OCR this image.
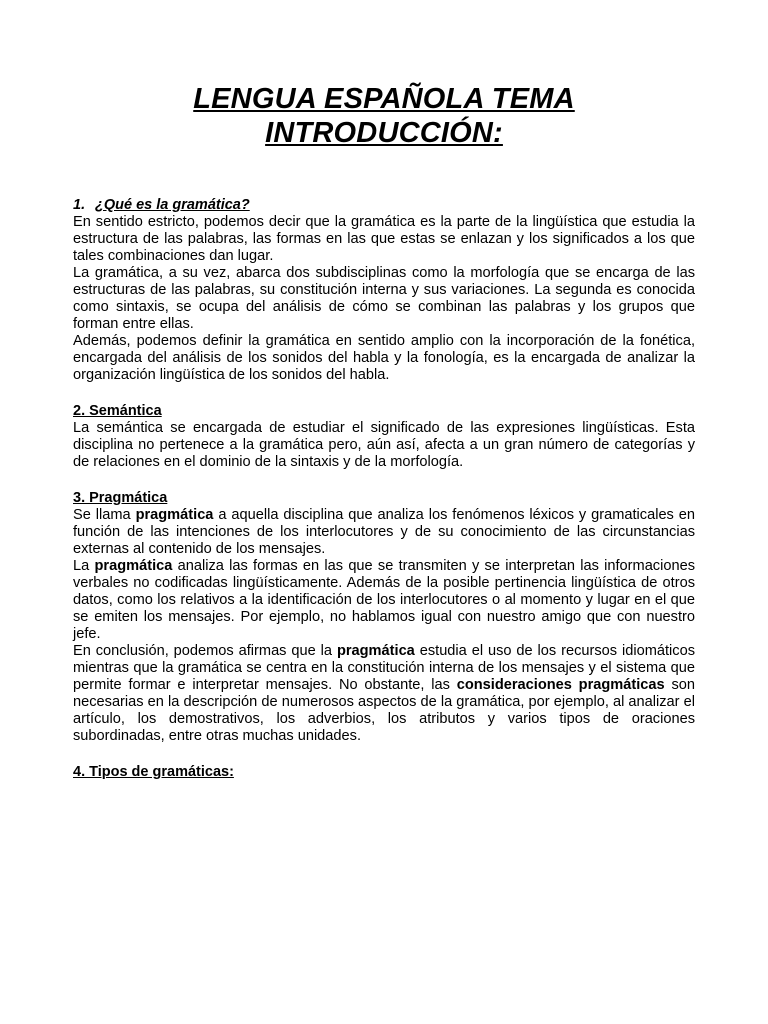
LENGUA ESPAÑOLA TEMA
INTRODUCCIÓN:
1. ¿Qué es la gramática?

En sentido estricto, podemos decir que la gramática es la parte de la lingüística que estudia la estructura de las palabras, las formas en las que estas se enlazan y los significados a los que tales combinaciones dan lugar.

La gramática, a su vez, abarca dos subdisciplinas como la morfología que se encarga de las estructuras de las palabras, su constitución interna y sus variaciones. La segunda es conocida como sintaxis, se ocupa del análisis de cómo se combinan las palabras y los grupos que forman entre ellas.

Además, podemos definir la gramática en sentido amplio con la incorporación de la fonética, encargada del análisis de los sonidos del habla y la fonología, es la encargada de analizar la organización lingüística de los sonidos del habla.

2. Semántica

La semántica se encargada de estudiar el significado de las expresiones lingüísticas. Esta disciplina no pertenece a la gramática pero, aún así, afecta a un gran número de categorías y de relaciones en el dominio de la sintaxis y de la morfología.

3. Pragmática

Se llama pragmática a aquella disciplina que analiza los fenómenos léxicos y gramaticales en función de las intenciones de los interlocutores y de su conocimiento de las circunstancias externas al contenido de los mensajes.

La pragmática analiza las formas en las que se transmiten y se interpretan las informaciones verbales no codificadas lingüísticamente. Además de la posible pertinencia lingüística de otros datos, como los relativos a la identificación de los interlocutores o al momento y lugar en el que se emiten los mensajes. Por ejemplo, no hablamos igual con nuestro amigo que con nuestro jefe.

En conclusión, podemos afirmas que la pragmática estudia el uso de los recursos idiomáticos mientras que la gramática se centra en la constitución interna de los mensajes y el sistema que permite formar e interpretar mensajes. No obstante, las consideraciones pragmáticas son necesarias en la descripción de numerosos aspectos de la gramática, por ejemplo, al analizar el artículo, los demostrativos, los adverbios, los atributos y varios tipos de oraciones subordinadas, entre otras muchas unidades.

4. Tipos de gramáticas:
